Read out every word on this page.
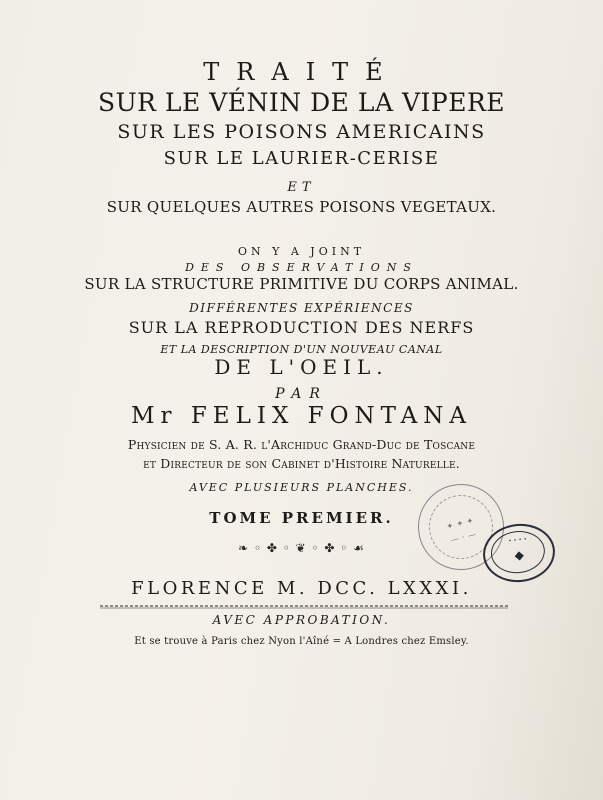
TRAITÉ
SUR LE VÉNIN DE LA VIPERE
SUR LES POISONS AMERICAINS
SUR LE LAURIER-CERISE
ET
SUR QUELQUES AUTRES POISONS VEGETAUX.
ON Y A JOINT
DES OBSERVATIONS
SUR LA STRUCTURE PRIMITIVE DU CORPS ANIMAL.
DIFFÉRENTES EXPÉRIENCES
SUR LA REPRODUCTION DES NERFS
ET LA DESCRIPTION D'UN NOUVEAU CANAL
DE L'OEIL.
PAR
Mr FELIX FONTANA
Physicien de S. A. R. l'Archiduc Grand-Duc de Toscane
et Directeur de son Cabinet d'Histoire Naturelle.
AVEC PLUSIEURS PLANCHES.
TOME PREMIER.
❧ ◦ ✤ ◦ ❦ ◦ ✤ ◦ ☙
FLORENCE M. DCC. LXXXI.
AVEC APPROBATION.
Et se trouve à Paris chez Nyon l'Aîné = A Londres chez Emsley.
✦ ✦ ✦
— · —	· · · ·
◆
